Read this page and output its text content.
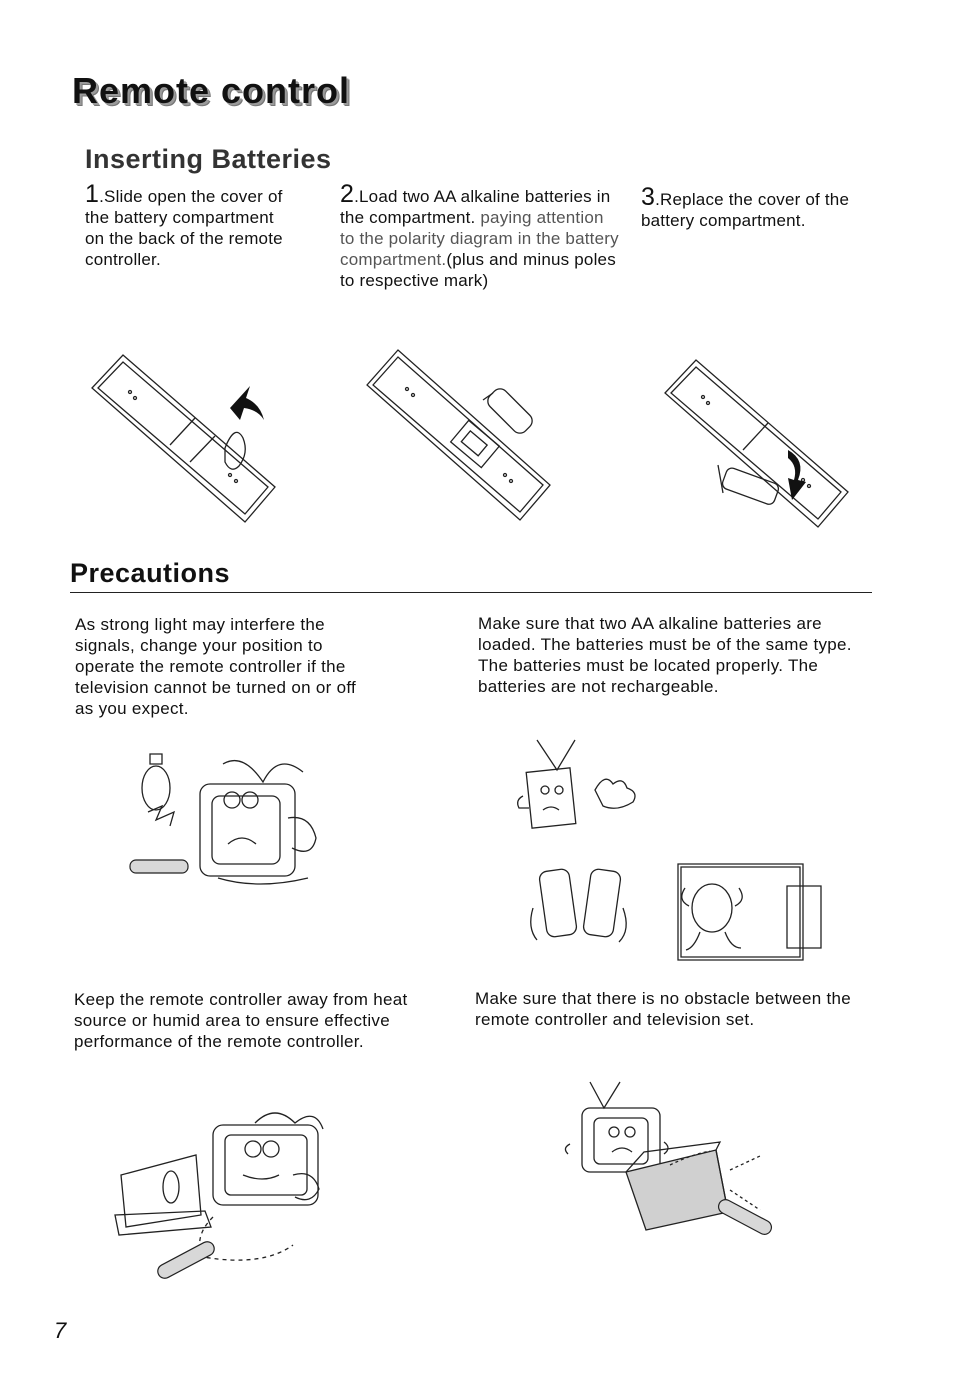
Remote control
Inserting Batteries
1.Slide open the cover of the battery compartment on the back of the remote controller.
2.Load two AA alkaline batteries in the compartment. paying attention to the polarity diagram in the battery compartment.(plus and minus poles to respective mark)
3.Replace the cover of the battery compartment.
Precautions
As strong light may interfere the signals, change your position to operate the remote controller if the television cannot be turned on or off as you expect.
Make sure that two AA alkaline batteries are loaded. The batteries must be of the same type. The batteries must be located properly. The batteries are not rechargeable.
Keep the remote controller away from heat source or humid area to ensure effective performance of the remote controller.
Make sure that there is no obstacle between the remote controller and television set.
7
